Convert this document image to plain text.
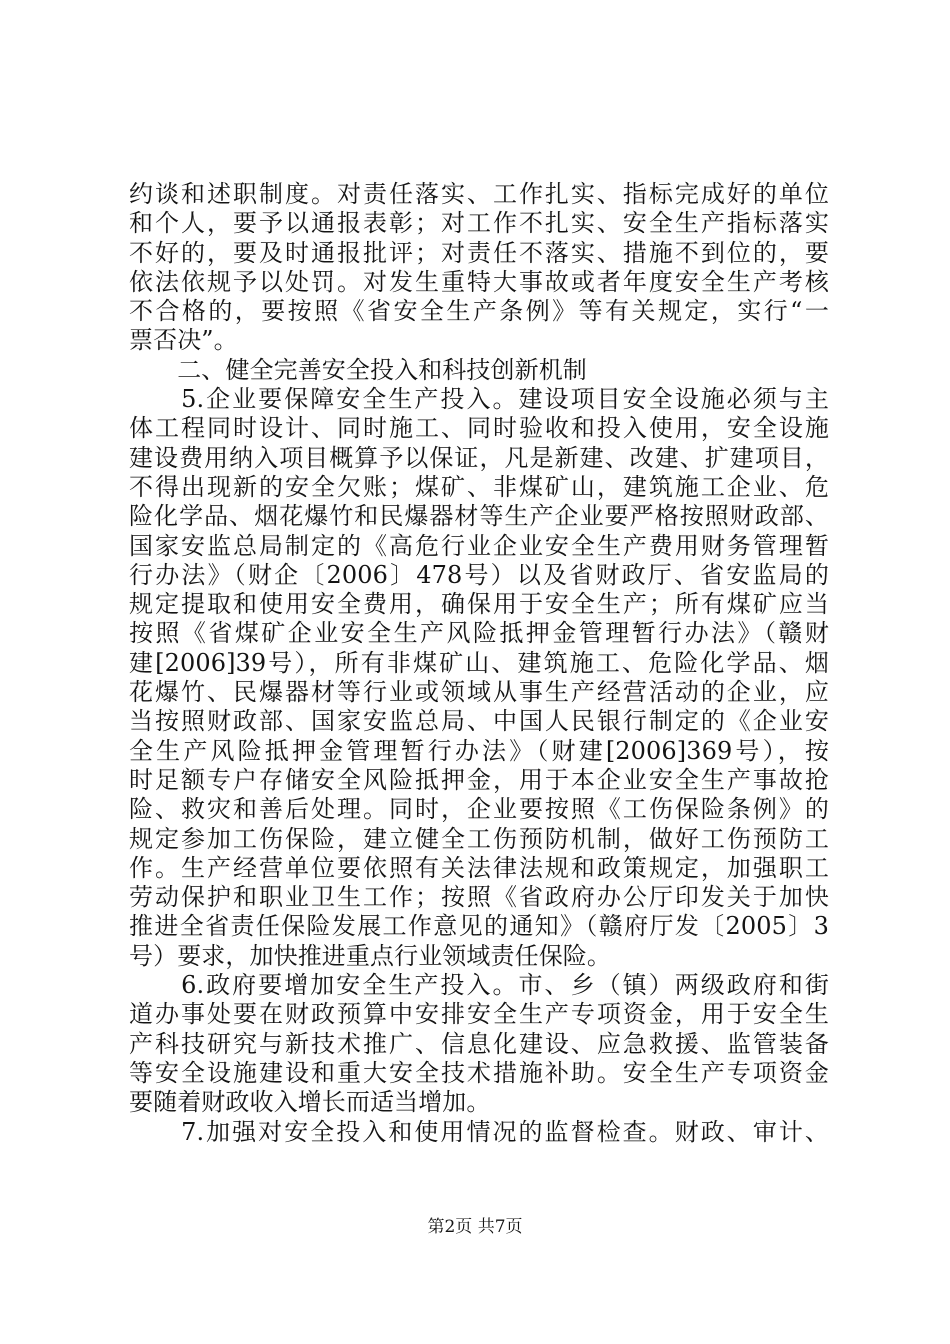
约谈和述职制度。对责任落实、工作扎实、指标完成好的单位
和个人，要予以通报表彰；对工作不扎实、安全生产指标落实
不好的，要及时通报批评；对责任不落实、措施不到位的，要
依法依规予以处罚。对发生重特大事故或者年度安全生产考核
不合格的，要按照《省安全生产条例》等有关规定，实行“一
票否决”。
　　二、健全完善安全投入和科技创新机制
　　5.企业要保障安全生产投入。建设项目安全设施必须与主
体工程同时设计、同时施工、同时验收和投入使用，安全设施
建设费用纳入项目概算予以保证，凡是新建、改建、扩建项目，
不得出现新的安全欠账；煤矿、非煤矿山，建筑施工企业、危
险化学品、烟花爆竹和民爆器材等生产企业要严格按照财政部、
国家安监总局制定的《高危行业企业安全生产费用财务管理暂
行办法》（财企〔2006〕478号）以及省财政厅、省安监局的
规定提取和使用安全费用，确保用于安全生产；所有煤矿应当
按照《省煤矿企业安全生产风险抵押金管理暂行办法》（赣财
建[2006]39号），所有非煤矿山、建筑施工、危险化学品、烟
花爆竹、民爆器材等行业或领域从事生产经营活动的企业，应
当按照财政部、国家安监总局、中国人民银行制定的《企业安
全生产风险抵押金管理暂行办法》（财建[2006]369号），按
时足额专户存储安全风险抵押金，用于本企业安全生产事故抢
险、救灾和善后处理。同时，企业要按照《工伤保险条例》的
规定参加工伤保险，建立健全工伤预防机制，做好工伤预防工
作。生产经营单位要依照有关法律法规和政策规定，加强职工
劳动保护和职业卫生工作；按照《省政府办公厅印发关于加快
推进全省责任保险发展工作意见的通知》（赣府厅发〔2005〕3
号）要求，加快推进重点行业领域责任保险。
　　6.政府要增加安全生产投入。市、乡（镇）两级政府和街
道办事处要在财政预算中安排安全生产专项资金，用于安全生
产科技研究与新技术推广、信息化建设、应急救援、监管装备
等安全设施建设和重大安全技术措施补助。安全生产专项资金
要随着财政收入增长而适当增加。
　　7.加强对安全投入和使用情况的监督检查。财政、审计、
第2页 共7页
